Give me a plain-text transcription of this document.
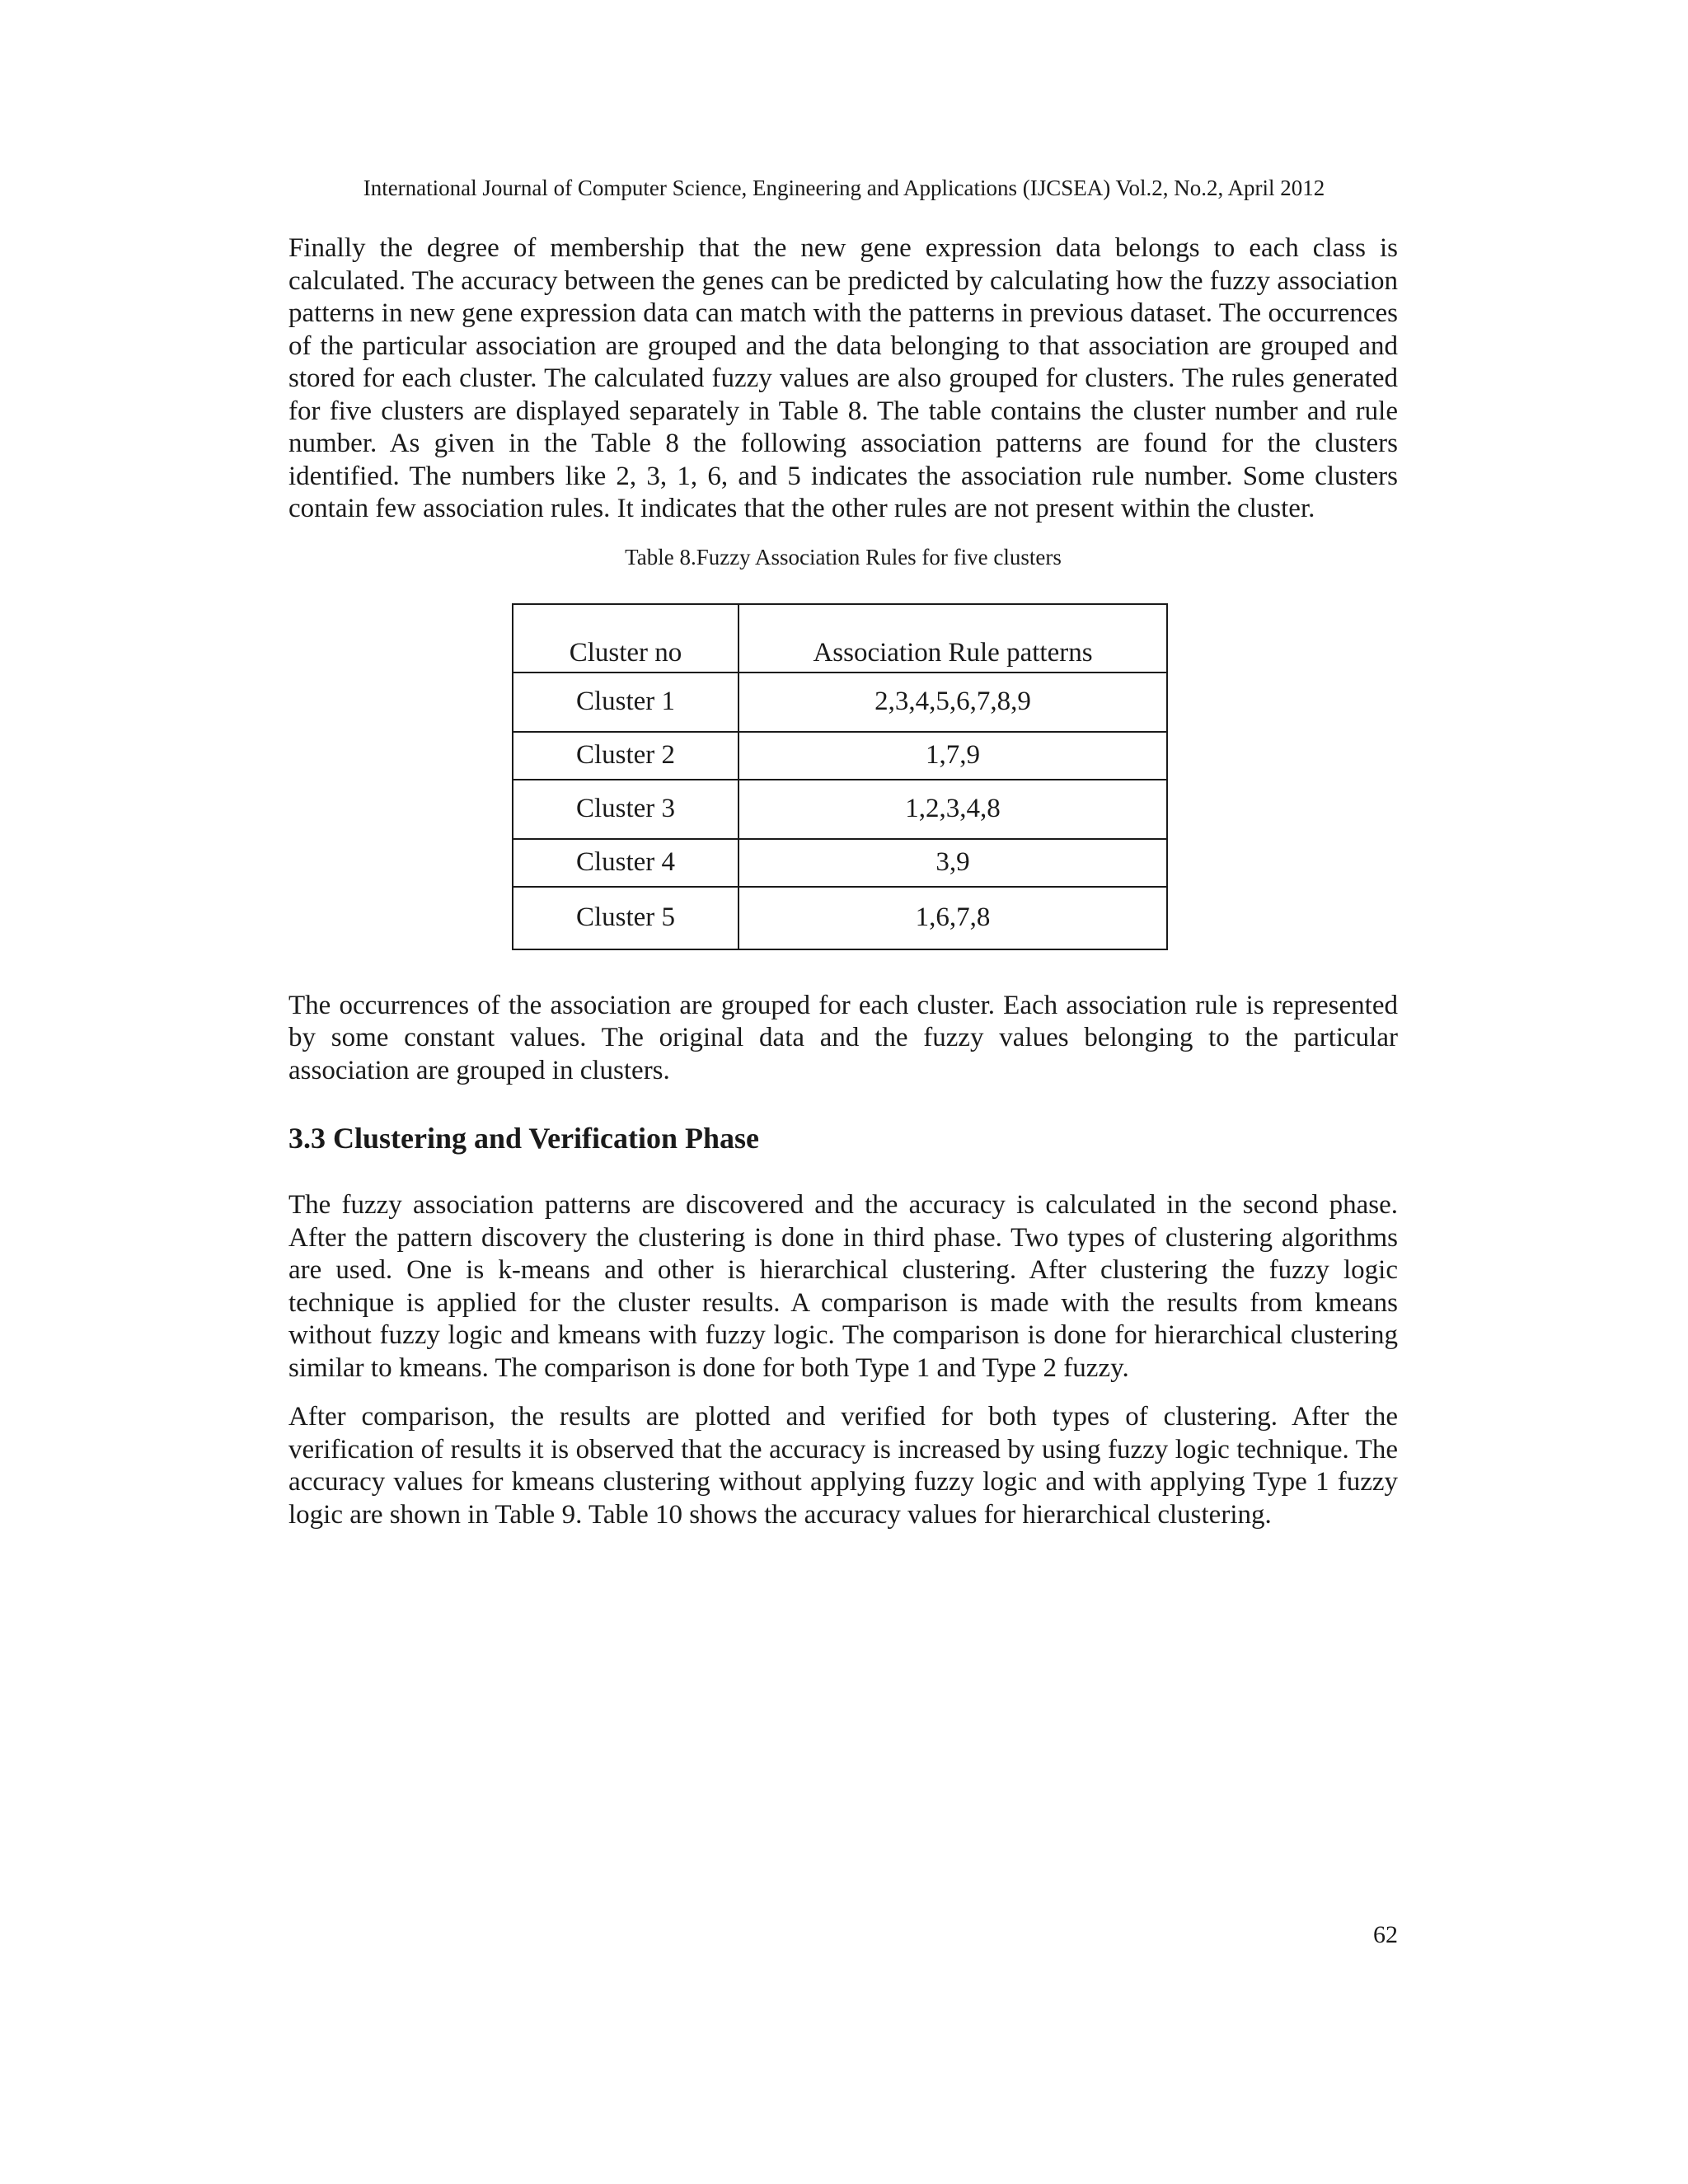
International Journal of Computer Science, Engineering and Applications (IJCSEA) Vol.2, No.2, April 2012

Finally the degree of membership that the new gene expression data belongs to each class is calculated. The accuracy between the genes can be predicted by calculating how the fuzzy association patterns in new gene expression data can match with the patterns in previous dataset. The occurrences of the particular association are grouped and the data belonging to that association are grouped and stored for each cluster. The calculated fuzzy values are also grouped for clusters. The rules generated for five clusters are displayed separately in Table 8. The table contains the cluster number and rule number. As given in the Table 8 the following association patterns are found for the clusters identified. The numbers like 2, 3, 1, 6, and 5 indicates the association rule number. Some clusters contain few association rules. It indicates that the other rules are not present within the cluster.

Table 8.Fuzzy Association Rules for five clusters
Cluster no	Association Rule patterns
Cluster 1	2,3,4,5,6,7,8,9
Cluster 2	1,7,9
Cluster 3	1,2,3,4,8
Cluster 4	3,9
Cluster 5	1,6,7,8

The occurrences of the association are grouped for each cluster. Each association rule is represented by some constant values. The original data and the fuzzy values belonging to the particular association are grouped in clusters.

3.3 Clustering and Verification Phase

The fuzzy association patterns are discovered and the accuracy is calculated in the second phase. After the pattern discovery the clustering is done in third phase. Two types of clustering algorithms are used. One is k-means and other is hierarchical clustering. After clustering the fuzzy logic technique is applied for the cluster results. A comparison is made with the results from kmeans without fuzzy logic and kmeans with fuzzy logic. The comparison is done for hierarchical clustering similar to kmeans. The comparison is done for both Type 1 and Type 2 fuzzy.

After comparison, the results are plotted and verified for both types of clustering. After the verification of results it is observed that the accuracy is increased by using fuzzy logic technique. The accuracy values for kmeans clustering without applying fuzzy logic and with applying Type 1 fuzzy logic are shown in Table 9. Table 10 shows the accuracy values for hierarchical clustering.

62
